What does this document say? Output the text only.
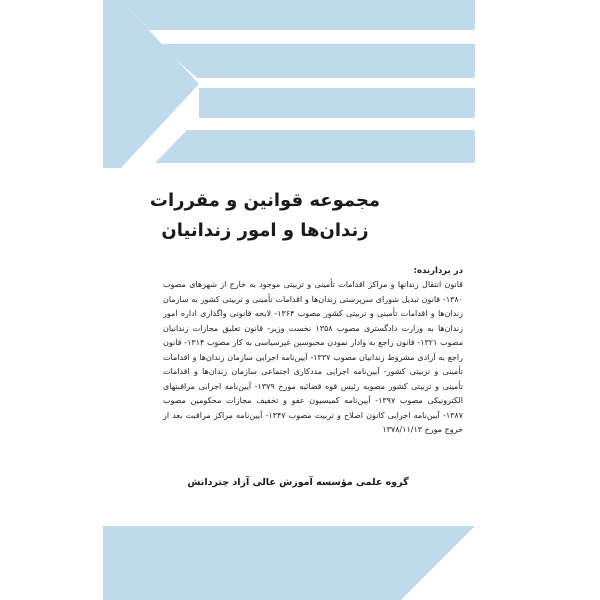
مجموعه قوانین و مقررات
زندان‌ها و امور زندانیان
در بردارنده:
قانون انتقال زندانها و مراکز اقدامات تأمینی و تربیتی موجود به خارج از شهرهای مصوب ۱۳۸۰- قانون تبدیل شورای سرپرستی زندان‌ها و اقدامات تأمینی و تربیتی کشور به سازمان زندان‌ها و اقدامات تأمینی و تربیتی کشور مصوب ۱۳۶۴- لایحه قانونی واگذاری اداره امور زندان‌ها به وزارت دادگستری مصوب ۱۳۵۸ نخست وزیر- قانون تعلیق مجازات زندانیان مصوب ۱۳۲۱- قانون راجع به وادار نمودن محبوسین غیرسیاسی به کار مصوب ۱۳۱۴- قانون راجع به آزادی مشروط زندانیان مصوب ۱۳۳۷- آیین‌نامه اجرایی سازمان زندان‌ها و اقدامات تأمینی و تربیتی کشور- آیین‌نامه اجرایی مددکاری اجتماعی سازمان زندان‌ها و اقدامات تأمینی و تربیتی کشور مصوبه رئیس قوه قضائیه مورخ ۱۳۷۹- آیین‌نامه اجرایی مراقبتهای الکترونیکی مصوب ۱۳۹۷- آیین‌نامه کمیسیون عفو و تخفیف مجازات محکومین مصوب ۱۳۸۷- آیین‌نامه اجرایی کانون اصلاح و تربیت مصوب ۱۳۴۷- آیین‌نامه مراکز مراقبت بعد از خروج مورخ ۱۳۷۸/۱۱/۱۳
گروه علمی مؤسسه آموزش عالی آزاد چتردانش
